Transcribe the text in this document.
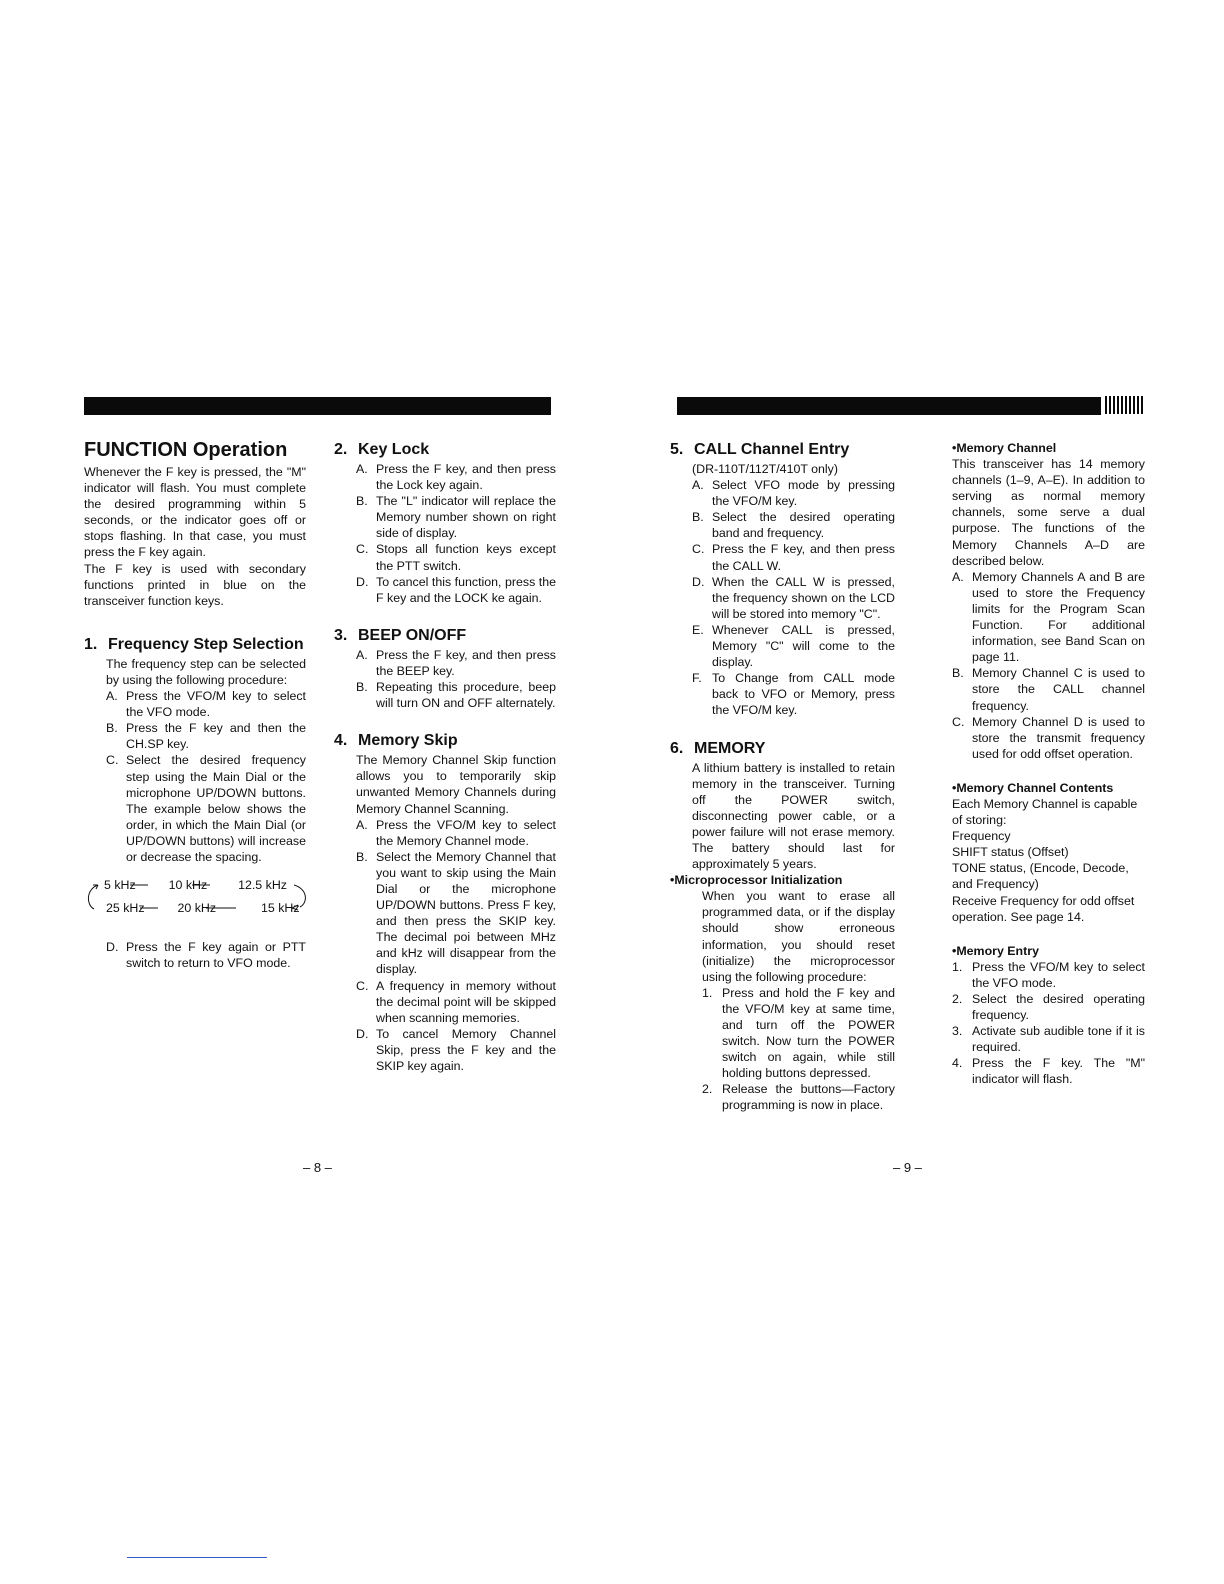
FUNCTION Operation

Whenever the F key is pressed, the "M" indicator will flash. You must complete the desired programming within 5 seconds, or the indicator goes off or stops flashing. In that case, you must press the F key again.

The F key is used with secondary functions printed in blue on the transceiver function keys.

1. Frequency Step Selection

The frequency step can be selected by using the following procedure:

A. Press the VFO/M key to select the VFO mode.
B. Press the F key and then the CH.SP key.
C. Select the desired frequency step using the Main Dial or the microphone UP/DOWN buttons. The example below shows the order, in which the Main Dial (or UP/DOWN buttons) will increase or decrease the spacing.
5 kHz	10 kHz 12.5 kHz
25 kHz	20 kHz	15 kHz
D. Press the F key again or PTT switch to return to VFO mode.
2. Key Lock
A. Press the F key, and then press the Lock key again.
B. The "L" indicator will replace the Memory number shown on right side of display.
C. Stops all function keys except the PTT switch.
D. To cancel this function, press the F key and the LOCK ke again.
3. BEEP ON/OFF
A. Press the F key, and then press the BEEP key.
B. Repeating this procedure, beep will turn ON and OFF alternately.
4. Memory Skip

The Memory Channel Skip function allows you to temporarily skip unwanted Memory Channels during Memory Channel Scanning.

A. Press the VFO/M key to select the Memory Channel mode.
B. Select the Memory Channel that you want to skip using the Main Dial or the microphone UP/DOWN buttons. Press F key, and then press the SKIP key. The decimal poi between MHz and kHz will disappear from the display.
C. A frequency in memory without the decimal point will be skipped when scanning memories.
D. To cancel Memory Channel Skip, press the F key and the SKIP key again.
– 8 –
5. CALL Channel Entry

(DR-110T/112T/410T only)

A. Select VFO mode by pressing the VFO/M key.
B. Select the desired operating band and frequency.
C. Press the F key, and then press the CALL W.
D. When the CALL W is pressed, the frequency shown on the LCD will be stored into memory "C".
E. Whenever CALL is pressed, Memory "C" will come to the display.
F. To Change from CALL mode back to VFO or Memory, press the VFO/M key.
6. MEMORY

A lithium battery is installed to retain memory in the transceiver. Turning off the POWER switch, disconnecting power cable, or a power failure will not erase memory. The battery should last for approximately 5 years.

•Microprocessor Initialization

When you want to erase all programmed data, or if the display should show erroneous information, you should reset (initialize) the microprocessor using the following procedure:

1. Press and hold the F key and the VFO/M key at same time, and turn off the POWER switch. Now turn the POWER switch on again, while still holding buttons depressed.
2. Release the buttons—Factory programming is now in place.

•Memory Channel

This transceiver has 14 memory channels (1–9, A–E). In addition to serving as normal memory channels, some serve a dual purpose. The functions of the Memory Channels A–D are described below.

A. Memory Channels A and B are used to store the Frequency limits for the Program Scan Function. For additional information, see Band Scan on page 11.
B. Memory Channel C is used to store the CALL channel frequency.
C. Memory Channel D is used to store the transmit frequency used for odd offset operation.

•Memory Channel Contents

Each Memory Channel is capable of storing:

Frequency

SHIFT status (Offset)

TONE status, (Encode, Decode, and Frequency)

Receive Frequency for odd offset operation. See page 14.

•Memory Entry

1. Press the VFO/M key to select the VFO mode.
2. Select the desired operating frequency.
3. Activate sub audible tone if it is required.
4. Press the F key. The "M" indicator will flash.
– 9 –
